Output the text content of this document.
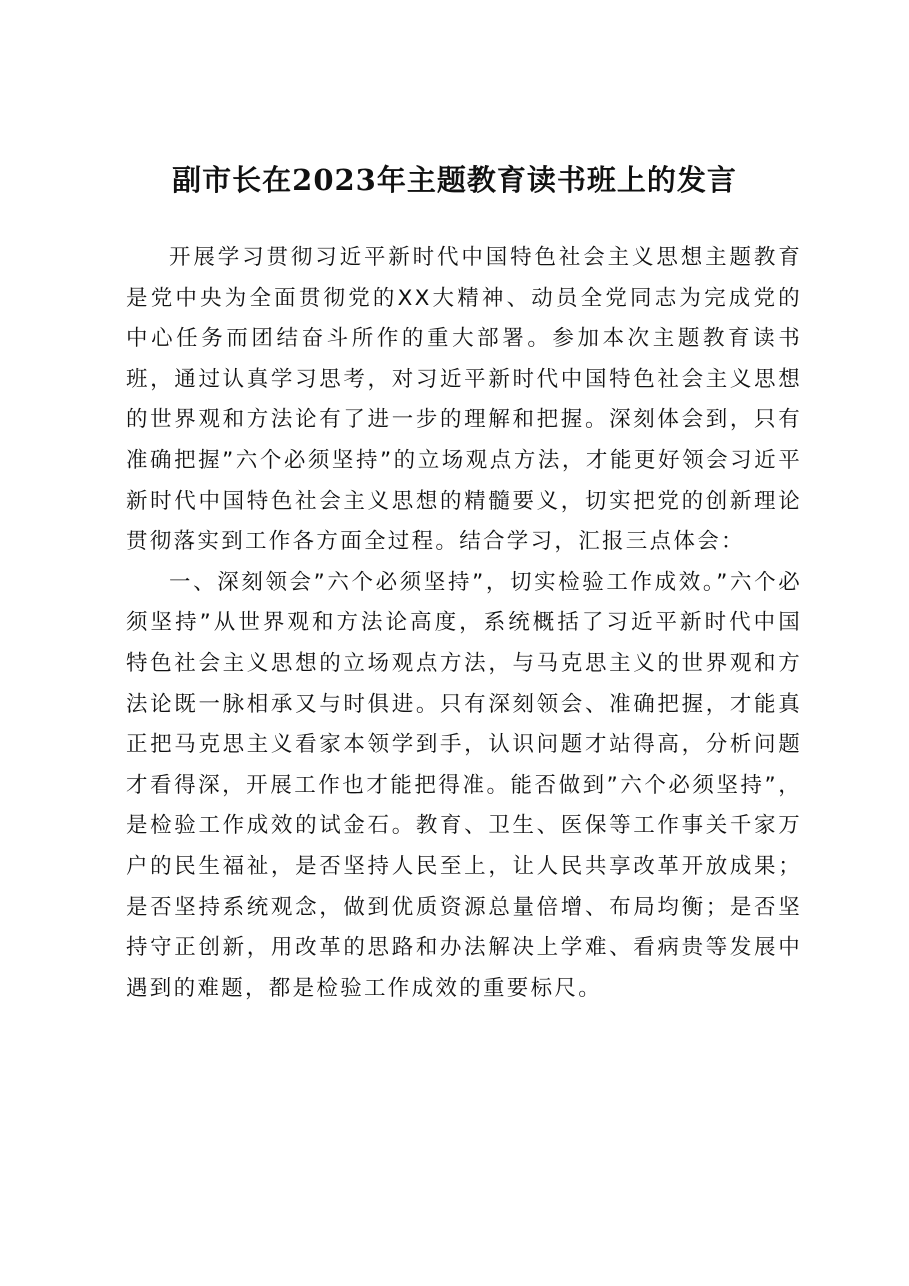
副市长在2023年主题教育读书班上的发言

开展学习贯彻习近平新时代中国特色社会主义思想主题教育是党中央为全面贯彻党的XX大精神、动员全党同志为完成党的中心任务而团结奋斗所作的重大部署。参加本次主题教育读书班，通过认真学习思考，对习近平新时代中国特色社会主义思想的世界观和方法论有了进一步的理解和把握。深刻体会到，只有准确把握”六个必须坚持”的立场观点方法，才能更好领会习近平新时代中国特色社会主义思想的精髓要义，切实把党的创新理论贯彻落实到工作各方面全过程。结合学习，汇报三点体会：

一、深刻领会”六个必须坚持”，切实检验工作成效。”六个必须坚持”从世界观和方法论高度，系统概括了习近平新时代中国特色社会主义思想的立场观点方法，与马克思主义的世界观和方法论既一脉相承又与时俱进。只有深刻领会、准确把握，才能真正把马克思主义看家本领学到手，认识问题才站得高，分析问题才看得深，开展工作也才能把得准。能否做到”六个必须坚持”，是检验工作成效的试金石。教育、卫生、医保等工作事关千家万户的民生福祉，是否坚持人民至上，让人民共享改革开放成果；是否坚持系统观念，做到优质资源总量倍增、布局均衡；是否坚持守正创新，用改革的思路和办法解决上学难、看病贵等发展中遇到的难题，都是检验工作成效的重要标尺。
